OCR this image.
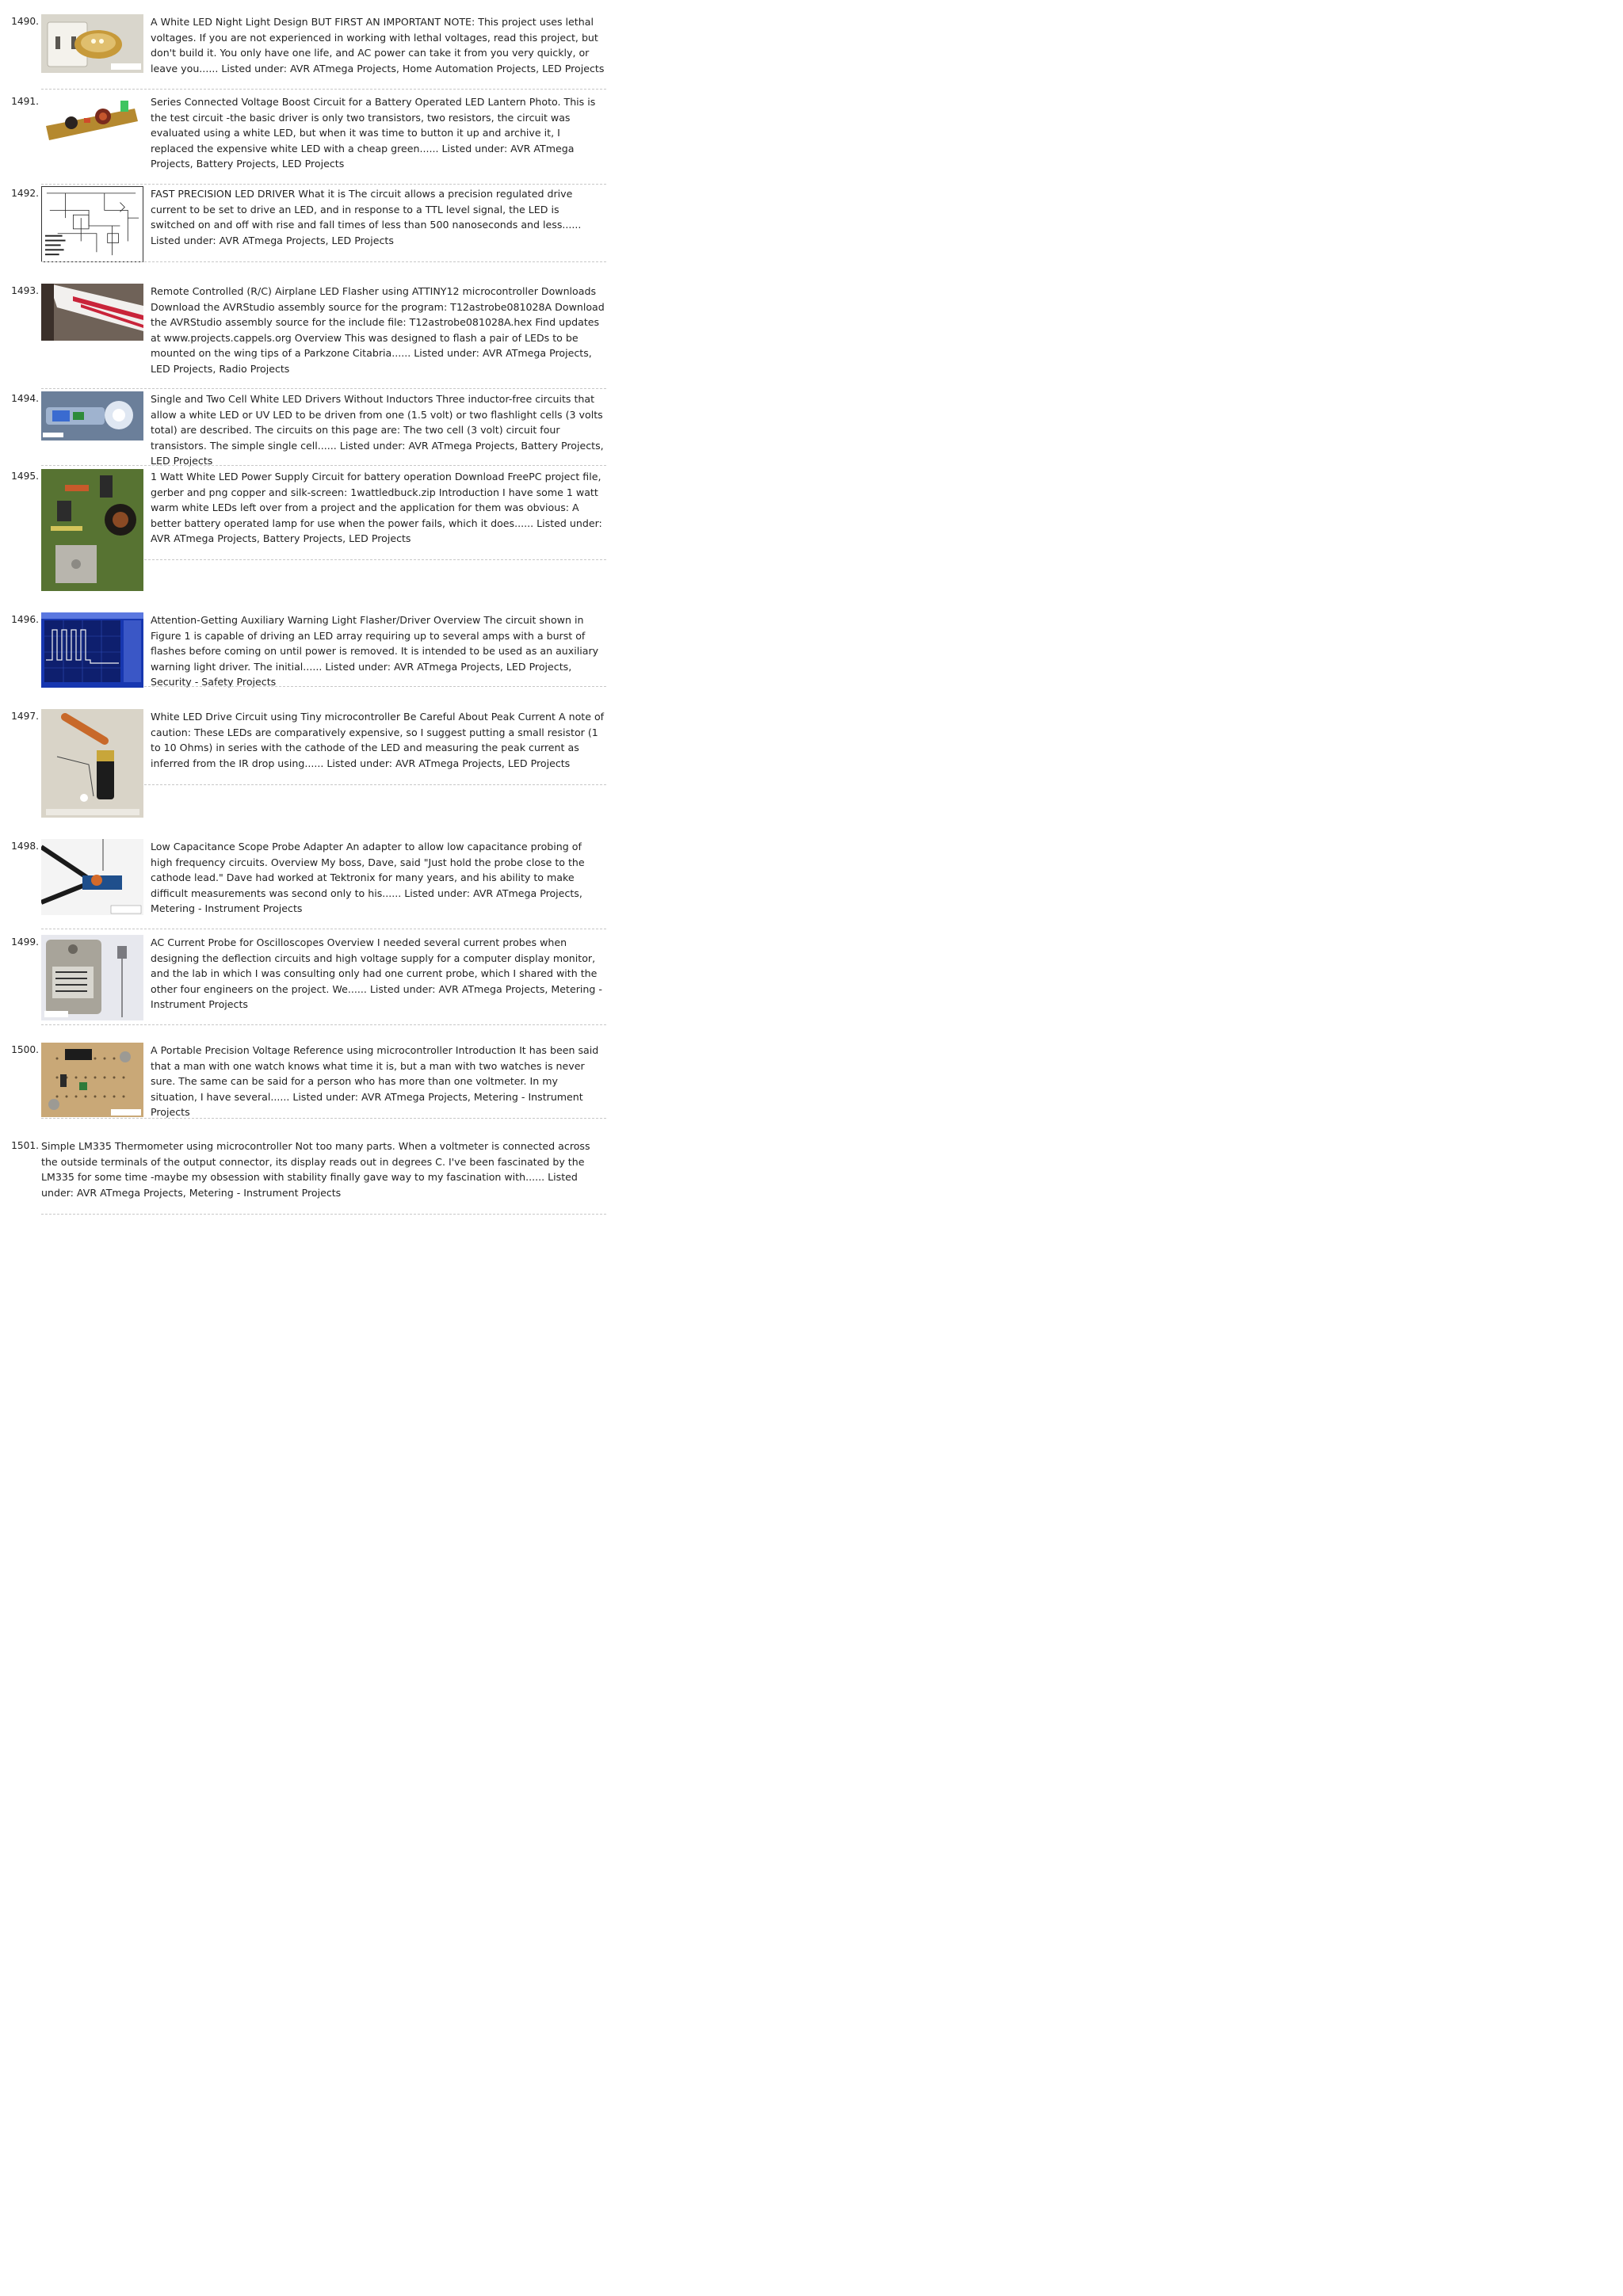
1490.	A White LED Night Light Design BUT FIRST AN IMPORTANT NOTE: This project uses lethal voltages. If you are not experienced in working with lethal voltages, read this project, but don't build it. You only have one life, and AC power can take it from you very quickly, or leave you...... Listed under: AVR ATmega Projects, Home Automation Projects, LED Projects
1491.	Series Connected Voltage Boost Circuit for a Battery Operated LED Lantern Photo. This is the test circuit -the basic driver is only two transistors, two resistors, the circuit was evaluated using a white LED, but when it was time to button it up and archive it, I replaced the expensive white LED with a cheap green...... Listed under: AVR ATmega Projects, Battery Projects, LED Projects
1492.	FAST PRECISION LED DRIVER What it is The circuit allows a precision regulated drive current to be set to drive an LED, and in response to a TTL level signal, the LED is switched on and off with rise and fall times of less than 500 nanoseconds and less...... Listed under: AVR ATmega Projects, LED Projects
1493.	Remote Controlled (R/C) Airplane LED Flasher using ATTINY12 microcontroller Downloads Download the AVRStudio assembly source for the program: T12astrobe081028A Download the AVRStudio assembly source for the include file: T12astrobe081028A.hex Find updates at www.projects.cappels.org Overview This was designed to flash a pair of LEDs to be mounted on the wing tips of a Parkzone Citabria...... Listed under: AVR ATmega Projects, LED Projects, Radio Projects
1494.	Single and Two Cell White LED Drivers Without Inductors Three inductor-free circuits that allow a white LED or UV LED to be driven from one (1.5 volt) or two flashlight cells (3 volts total) are described. The circuits on this page are: The two cell (3 volt) circuit four transistors. The simple single cell...... Listed under: AVR ATmega Projects, Battery Projects, LED Projects
1495.	1 Watt White LED Power Supply Circuit for battery operation Download FreePC project file, gerber and png copper and silk-screen: 1wattledbuck.zip Introduction I have some 1 watt warm white LEDs left over from a project and the application for them was obvious: A better battery operated lamp for use when the power fails, which it does...... Listed under: AVR ATmega Projects, Battery Projects, LED Projects
1496.	Attention-Getting Auxiliary Warning Light Flasher/Driver Overview The circuit shown in Figure 1 is capable of driving an LED array requiring up to several amps with a burst of flashes before coming on until power is removed. It is intended to be used as an auxiliary warning light driver. The initial...... Listed under: AVR ATmega Projects, LED Projects, Security - Safety Projects
1497.	White LED Drive Circuit using Tiny microcontroller Be Careful About Peak Current A note of caution: These LEDs are comparatively expensive, so I suggest putting a small resistor (1 to 10 Ohms) in series with the cathode of the LED and measuring the peak current as inferred from the IR drop using...... Listed under: AVR ATmega Projects, LED Projects
1498.	Low Capacitance Scope Probe Adapter An adapter to allow low capacitance probing of high frequency circuits. Overview My boss, Dave, said "Just hold the probe close to the cathode lead." Dave had worked at Tektronix for many years, and his ability to make difficult measurements was second only to his...... Listed under: AVR ATmega Projects, Metering - Instrument Projects
1499.	AC Current Probe for Oscilloscopes Overview I needed several current probes when designing the deflection circuits and high voltage supply for a computer display monitor, and the lab in which I was consulting only had one current probe, which I shared with the other four engineers on the project. We...... Listed under: AVR ATmega Projects, Metering - Instrument Projects
1500.	A Portable Precision Voltage Reference using microcontroller Introduction It has been said that a man with one watch knows what time it is, but a man with two watches is never sure. The same can be said for a person who has more than one voltmeter. In my situation, I have several...... Listed under: AVR ATmega Projects, Metering - Instrument Projects
1501. Simple LM335 Thermometer using microcontroller Not too many parts. When a voltmeter is connected across the outside terminals of the output connector, its display reads out in degrees C. I've been fascinated by the LM335 for some time -maybe my obsession with stability finally gave way to my fascination with...... Listed under: AVR ATmega Projects, Metering - Instrument Projects
